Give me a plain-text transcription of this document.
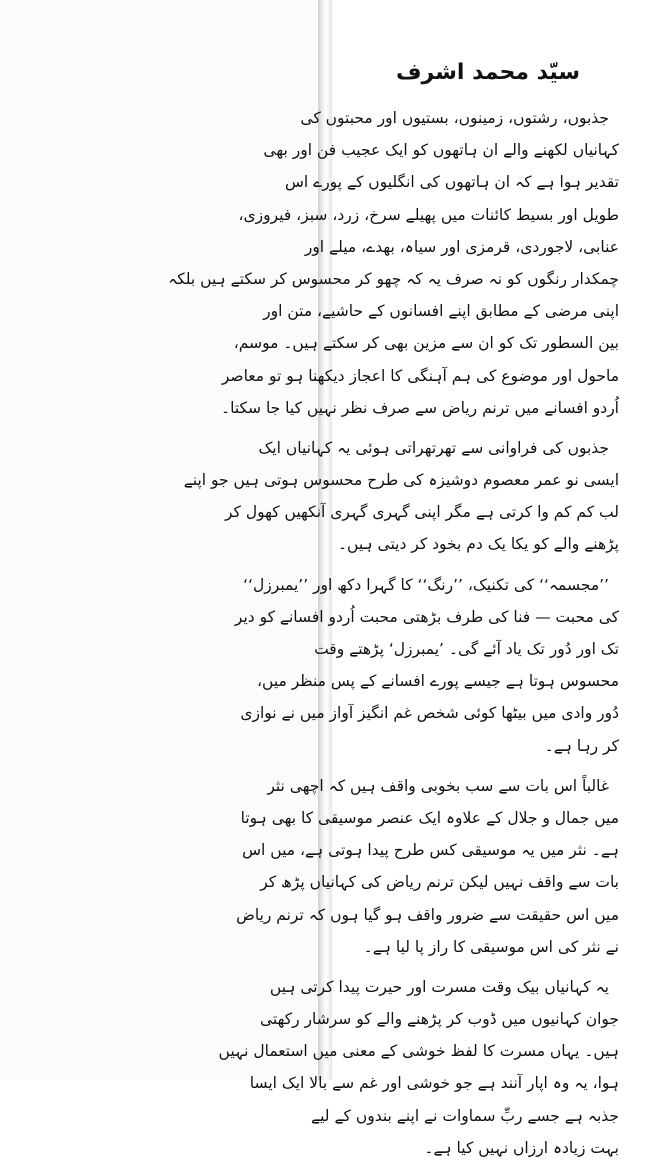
سیّد محمد اشرف
جذبوں، رشتوں، زمینوں، بستیوں اور محبتوں کی
کہانیاں لکھنے والے ان ہاتھوں کو ایک عجیب فن اور بھی
تقدیر ہوا ہے کہ ان ہاتھوں کی انگلیوں کے پورے اس
طویل اور بسیط کائنات میں پھیلے سرخ، زرد، سبز، فیروزی،
عنابی، لاجوردی، قرمزی اور سیاہ، بھدے، میلے اور
چمکدار رنگوں کو نہ صرف یہ کہ چھو کر محسوس کر سکتے ہیں بلکہ
اپنی مرضی کے مطابق اپنے افسانوں کے حاشیے، متن اور
بین السطور تک کو ان سے مزین بھی کر سکتے ہیں۔ موسم،
ماحول اور موضوع کی ہم آہنگی کا اعجاز دیکھنا ہو تو معاصر
اُردو افسانے میں ترنم ریاض سے صرف نظر نہیں کیا جا سکتا۔
جذبوں کی فراوانی سے تھرتھراتی ہوئی یہ کہانیاں ایک
ایسی نو عمر معصوم دوشیزہ کی طرح محسوس ہوتی ہیں جو اپنے
لب کم کم وا کرتی ہے مگر اپنی گہری گہری آنکھیں کھول کر
پڑھنے والے کو یکا یک دم بخود کر دیتی ہیں۔
’’مجسمہ‘‘ کی تکنیک، ’’رنگ‘‘ کا گہرا دکھ اور ’’یمبرزل‘‘
کی محبت — فنا کی طرف بڑھتی محبت اُردو افسانے کو دیر
تک اور دُور تک یاد آئے گی۔ ’یمبرزل‘ پڑھتے وقت
محسوس ہوتا ہے جیسے پورے افسانے کے پس منظر میں،
دُور وادی میں بیٹھا کوئی شخص غم انگیز آواز میں نے نوازی
کر رہا ہے۔
غالباً اس بات سے سب بخوبی واقف ہیں کہ اچھی نثر
میں جمال و جلال کے علاوہ ایک عنصر موسیقی کا بھی ہوتا
ہے۔ نثر میں یہ موسیقی کس طرح پیدا ہوتی ہے، میں اس
بات سے واقف نہیں لیکن ترنم ریاض کی کہانیاں پڑھ کر
میں اس حقیقت سے ضرور واقف ہو گیا ہوں کہ ترنم ریاض
نے نثر کی اس موسیقی کا راز پا لیا ہے۔
یہ کہانیاں بیک وقت مسرت اور حیرت پیدا کرتی ہیں
جوان کہانیوں میں ڈوب کر پڑھنے والے کو سرشار رکھتی
ہیں۔ یہاں مسرت کا لفظ خوشی کے معنی میں استعمال نہیں
ہوا، یہ وہ اپار آنند ہے جو خوشی اور غم سے بالا ایک ایسا
جذبہ ہے جسے ربِّ سماوات نے اپنے بندوں کے لیے
بہت زیادہ ارزاں نہیں کیا ہے۔
